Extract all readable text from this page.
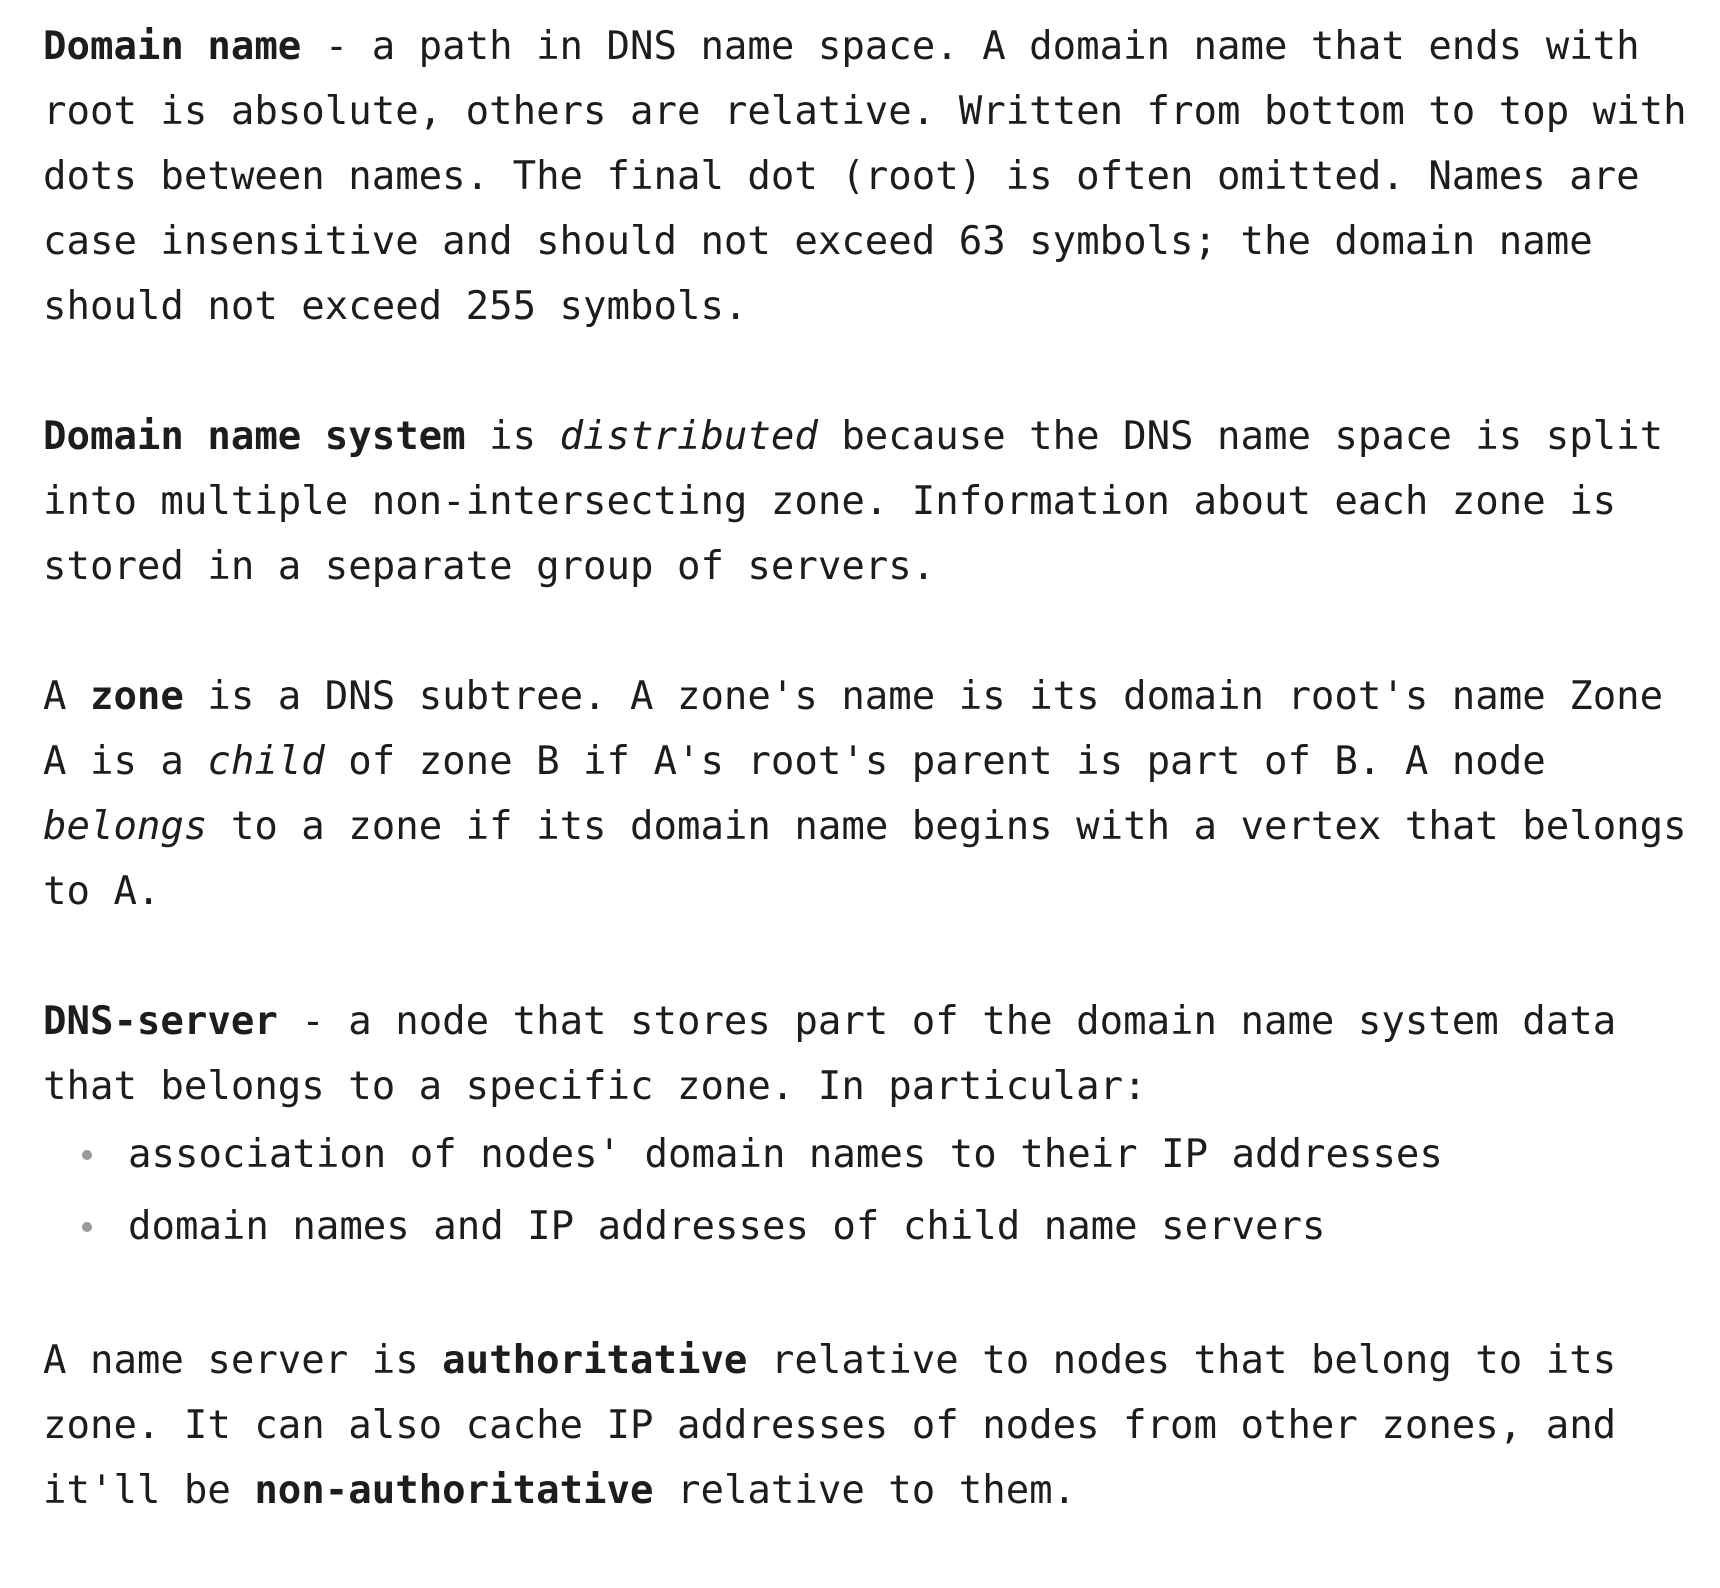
Domain name - a path in DNS name space. A domain name that ends with root is absolute, others are relative. Written from bottom to top with dots between names. The final dot (root) is often omitted. Names are case insensitive and should not exceed 63 symbols; the domain name should not exceed 255 symbols.

Domain name system is distributed because the DNS name space is split into multiple non-intersecting zone. Information about each zone is stored in a separate group of servers.

A zone is a DNS subtree. A zone's name is its domain root's name Zone A is a child of zone B if A's root's parent is part of B. A node belongs to a zone if its domain name begins with a vertex that belongs to A.

DNS-server - a node that stores part of the domain name system data that belongs to a specific zone. In particular:

association of nodes' domain names to their IP addresses
domain names and IP addresses of child name servers

A name server is authoritative relative to nodes that belong to its zone. It can also cache IP addresses of nodes from other zones, and it'll be non-authoritative relative to them.
